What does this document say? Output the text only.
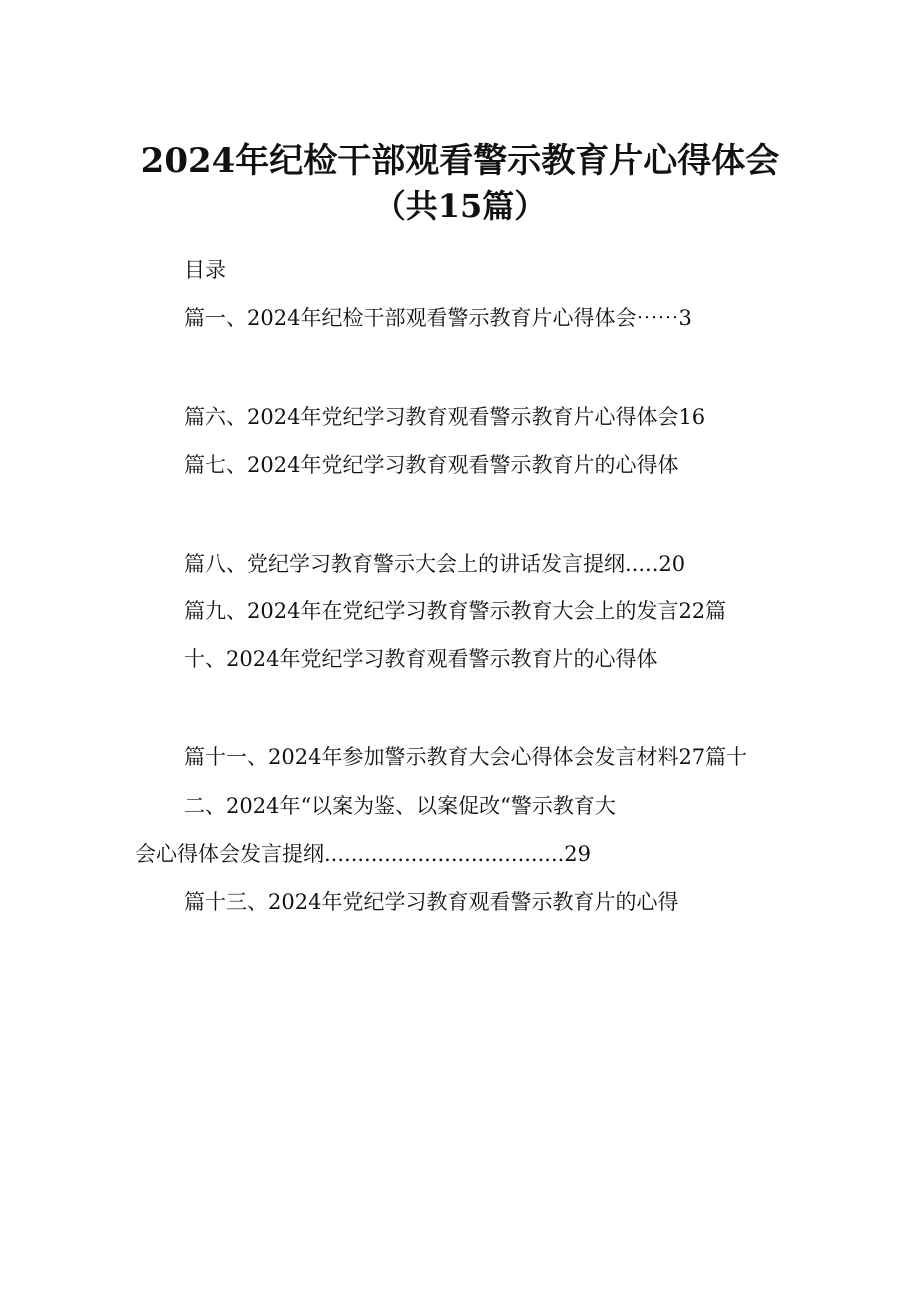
2024年纪检干部观看警示教育片心得体会
（共15篇）
目录
篇一、2024年纪检干部观看警示教育片心得体会⋯⋯3
篇六、2024年党纪学习教育观看警示教育片心得体会16
篇七、2024年党纪学习教育观看警示教育片的心得体
篇八、党纪学习教育警示大会上的讲话发言提纲.....20
篇九、2024年在党纪学习教育警示教育大会上的发言22篇
十、2024年党纪学习教育观看警示教育片的心得体
篇十一、2024年参加警示教育大会心得体会发言材料27篇十
二、2024年“以案为鉴、以案促改“警示教育大
会心得体会发言提纲....................................29
篇十三、2024年党纪学习教育观看警示教育片的心得
